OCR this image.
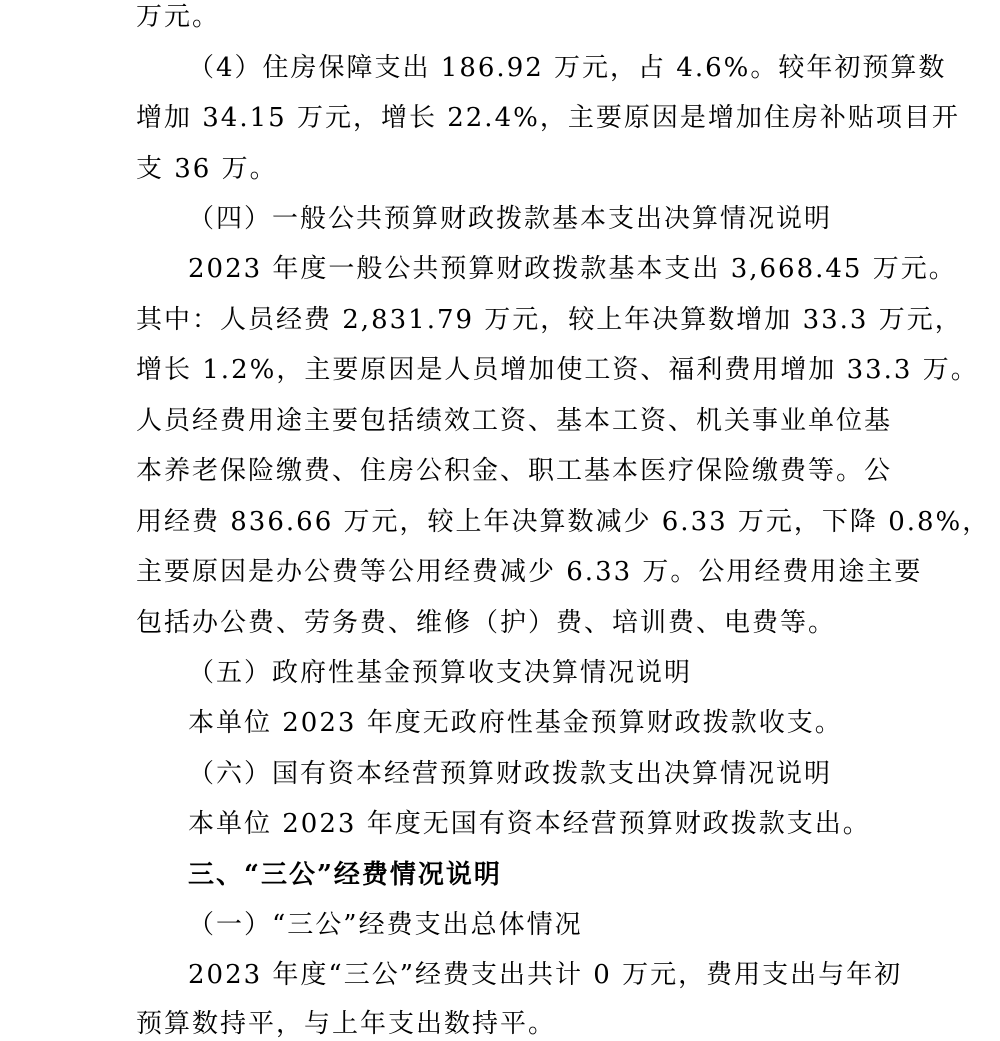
万元。
（4）住房保障支出 186.92 万元，占 4.6%。较年初预算数
增加 34.15 万元，增长 22.4%，主要原因是增加住房补贴项目开
支 36 万。
（四）一般公共预算财政拨款基本支出决算情况说明
2023 年度一般公共预算财政拨款基本支出 3,668.45 万元。
其中：人员经费 2,831.79 万元，较上年决算数增加 33.3 万元，
增长 1.2%，主要原因是人员增加使工资、福利费用增加 33.3 万。
人员经费用途主要包括绩效工资、基本工资、机关事业单位基
本养老保险缴费、住房公积金、职工基本医疗保险缴费等。公
用经费 836.66 万元，较上年决算数减少 6.33 万元，下降 0.8%，
主要原因是办公费等公用经费减少 6.33 万。公用经费用途主要
包括办公费、劳务费、维修（护）费、培训费、电费等。
（五）政府性基金预算收支决算情况说明
本单位 2023 年度无政府性基金预算财政拨款收支。
（六）国有资本经营预算财政拨款支出决算情况说明
本单位 2023 年度无国有资本经营预算财政拨款支出。
三、“三公”经费情况说明
（一）“三公”经费支出总体情况
2023 年度“三公”经费支出共计 0 万元，费用支出与年初
预算数持平，与上年支出数持平。
